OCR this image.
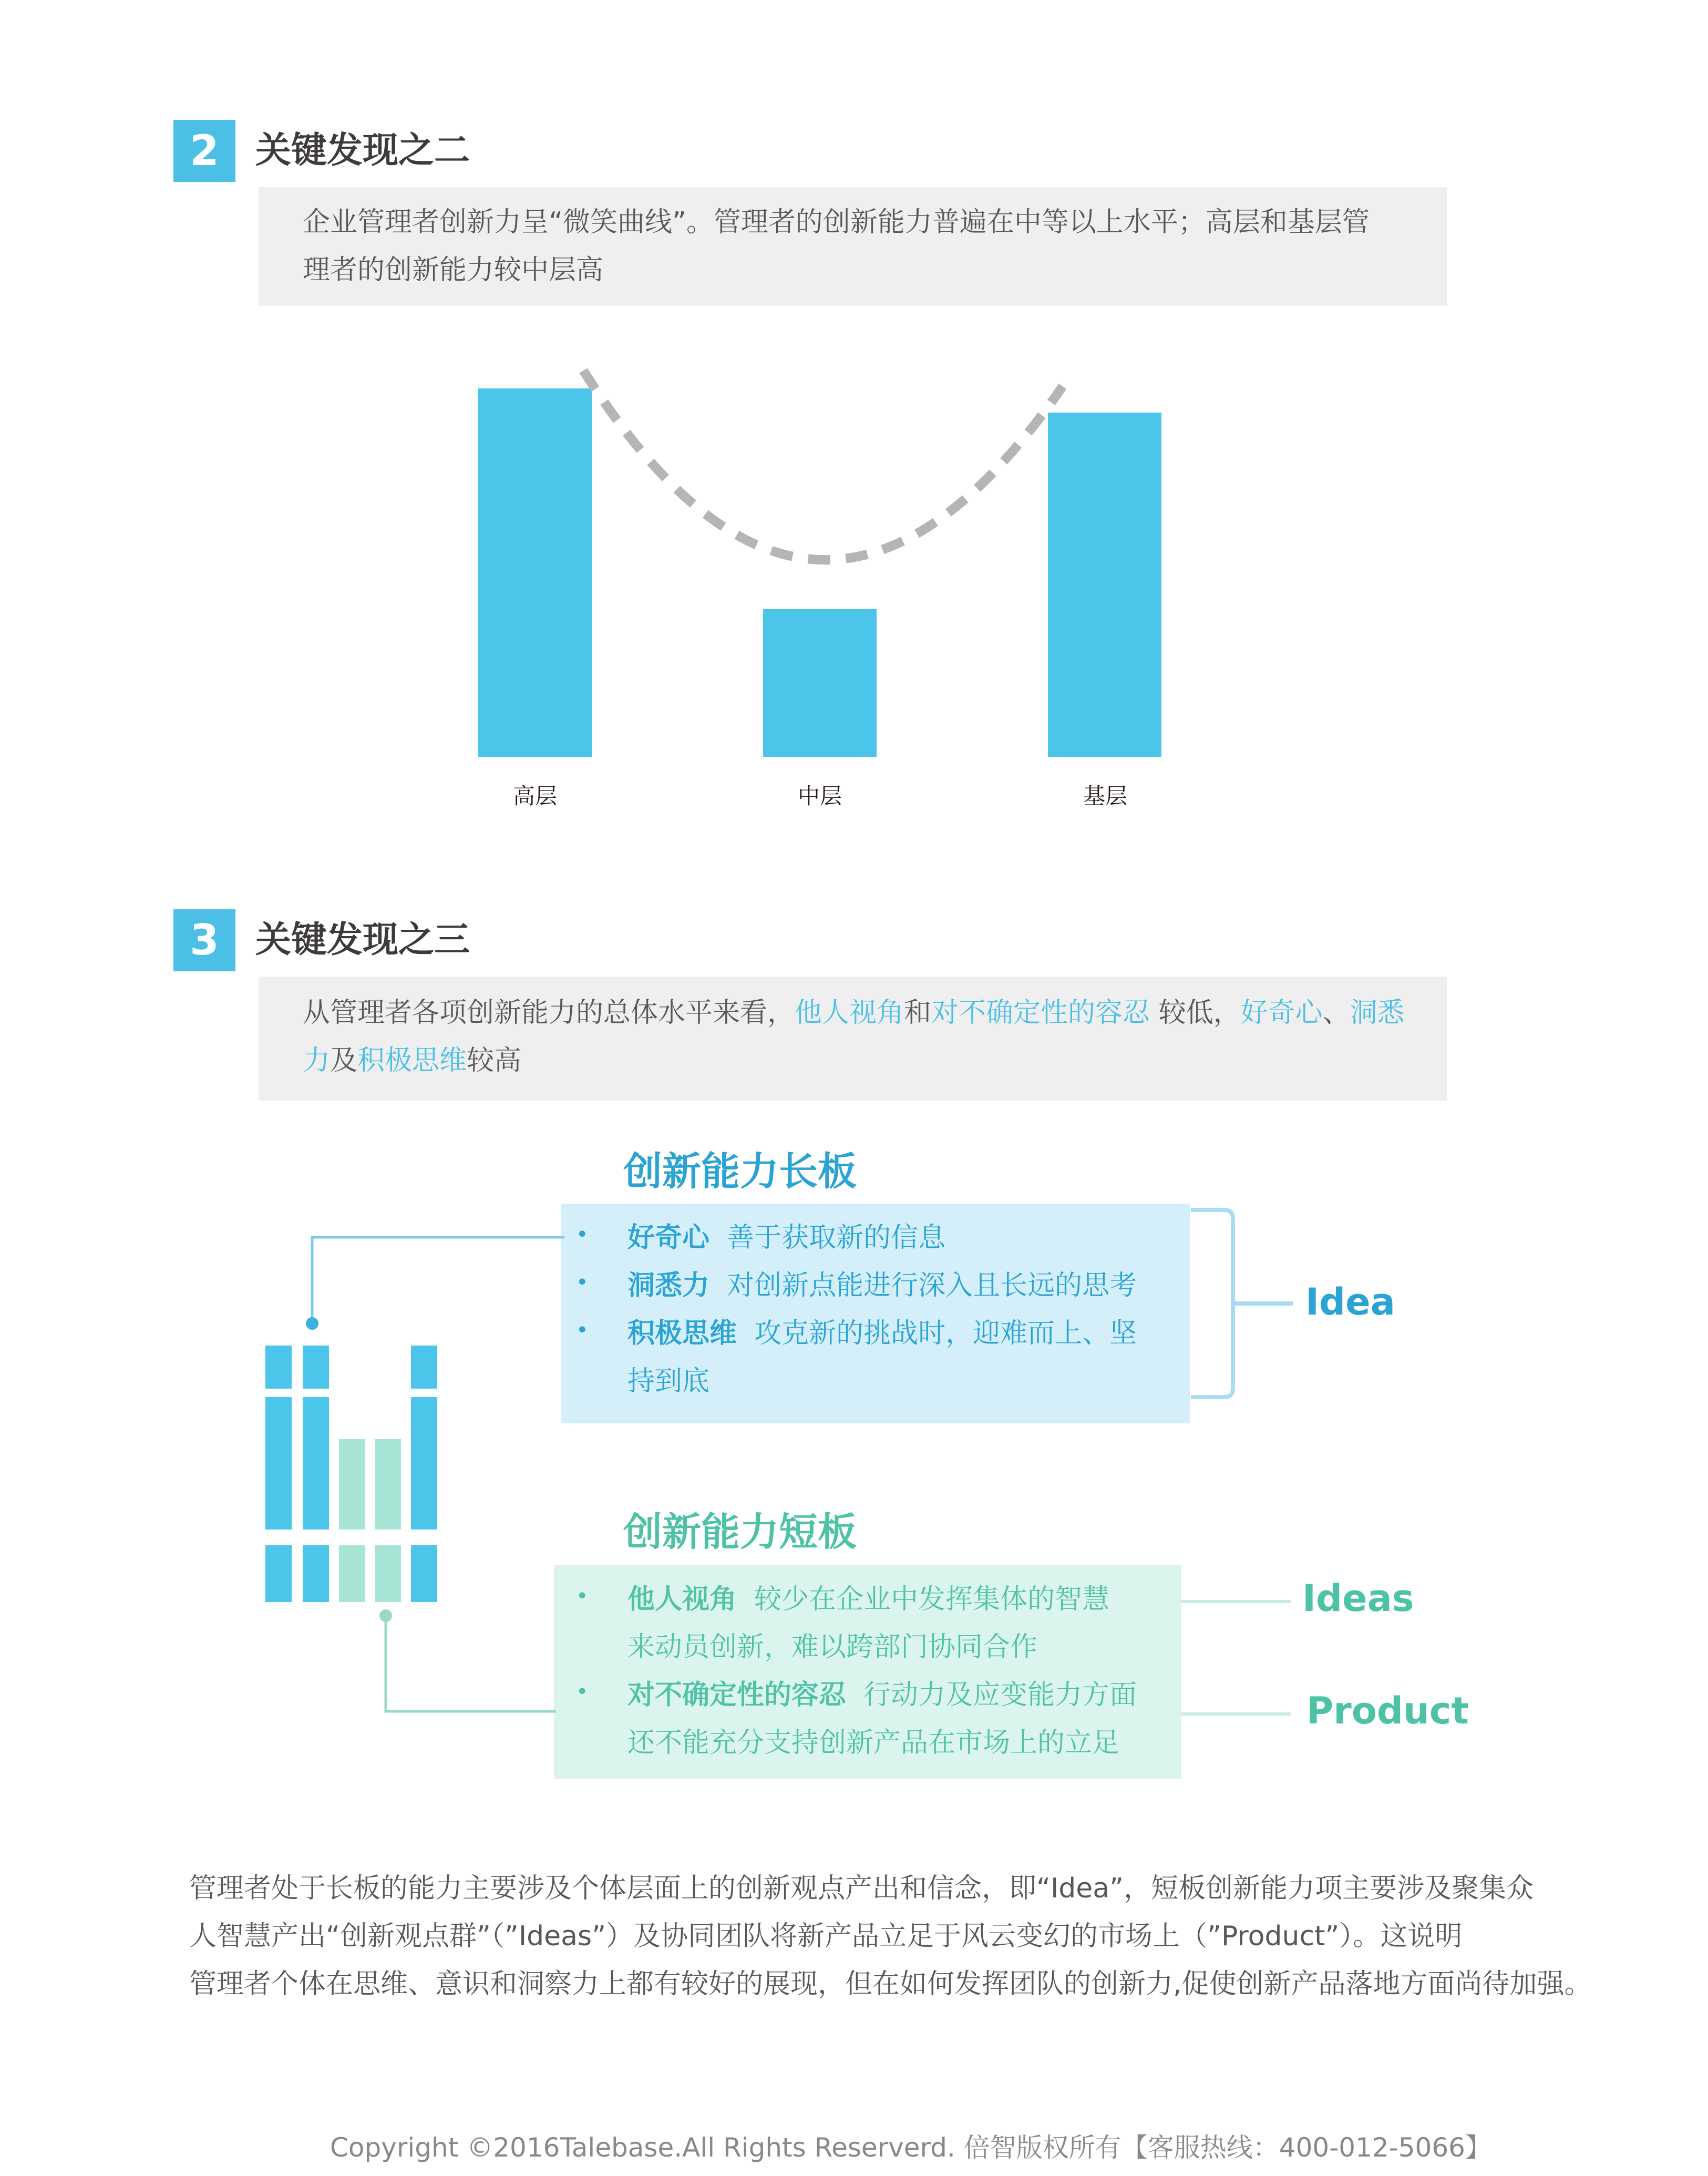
2	关键发现之二
企业管理者创新力呈“微笑曲线”。管理者的创新能力普遍在中等以上水平；高层和基层管
理者的创新能力较中层高
高层	中层	基层
3	关键发现之三
从管理者各项创新能力的总体水平来看，他人视角和对不确定性的容忍 较低，好奇心、洞悉
力及积极思维较高
创新能力长板
• 好奇心 善于获取新的信息
• 洞悉力 对创新点能进行深入且长远的思考
• 积极思维 攻克新的挑战时，迎难而上、坚
持到底
Idea
创新能力短板
• 他人视角 较少在企业中发挥集体的智慧
来动员创新，难以跨部门协同合作
• 对不确定性的容忍 行动力及应变能力方面
还不能充分支持创新产品在市场上的立足
Ideas
Product
管理者处于长板的能力主要涉及个体层面上的创新观点产出和信念，即“Idea”，短板创新能力项主要涉及聚集众
人智慧产出“创新观点群”（”Ideas”）及协同团队将新产品立足于风云变幻的市场上（”Product”）。这说明
管理者个体在思维、意识和洞察力上都有较好的展现，但在如何发挥团队的创新力,促使创新产品落地方面尚待加强。
Copyright ©2016Talebase.All Rights Reserverd. 倍智版权所有【客服热线：400-012-5066】
